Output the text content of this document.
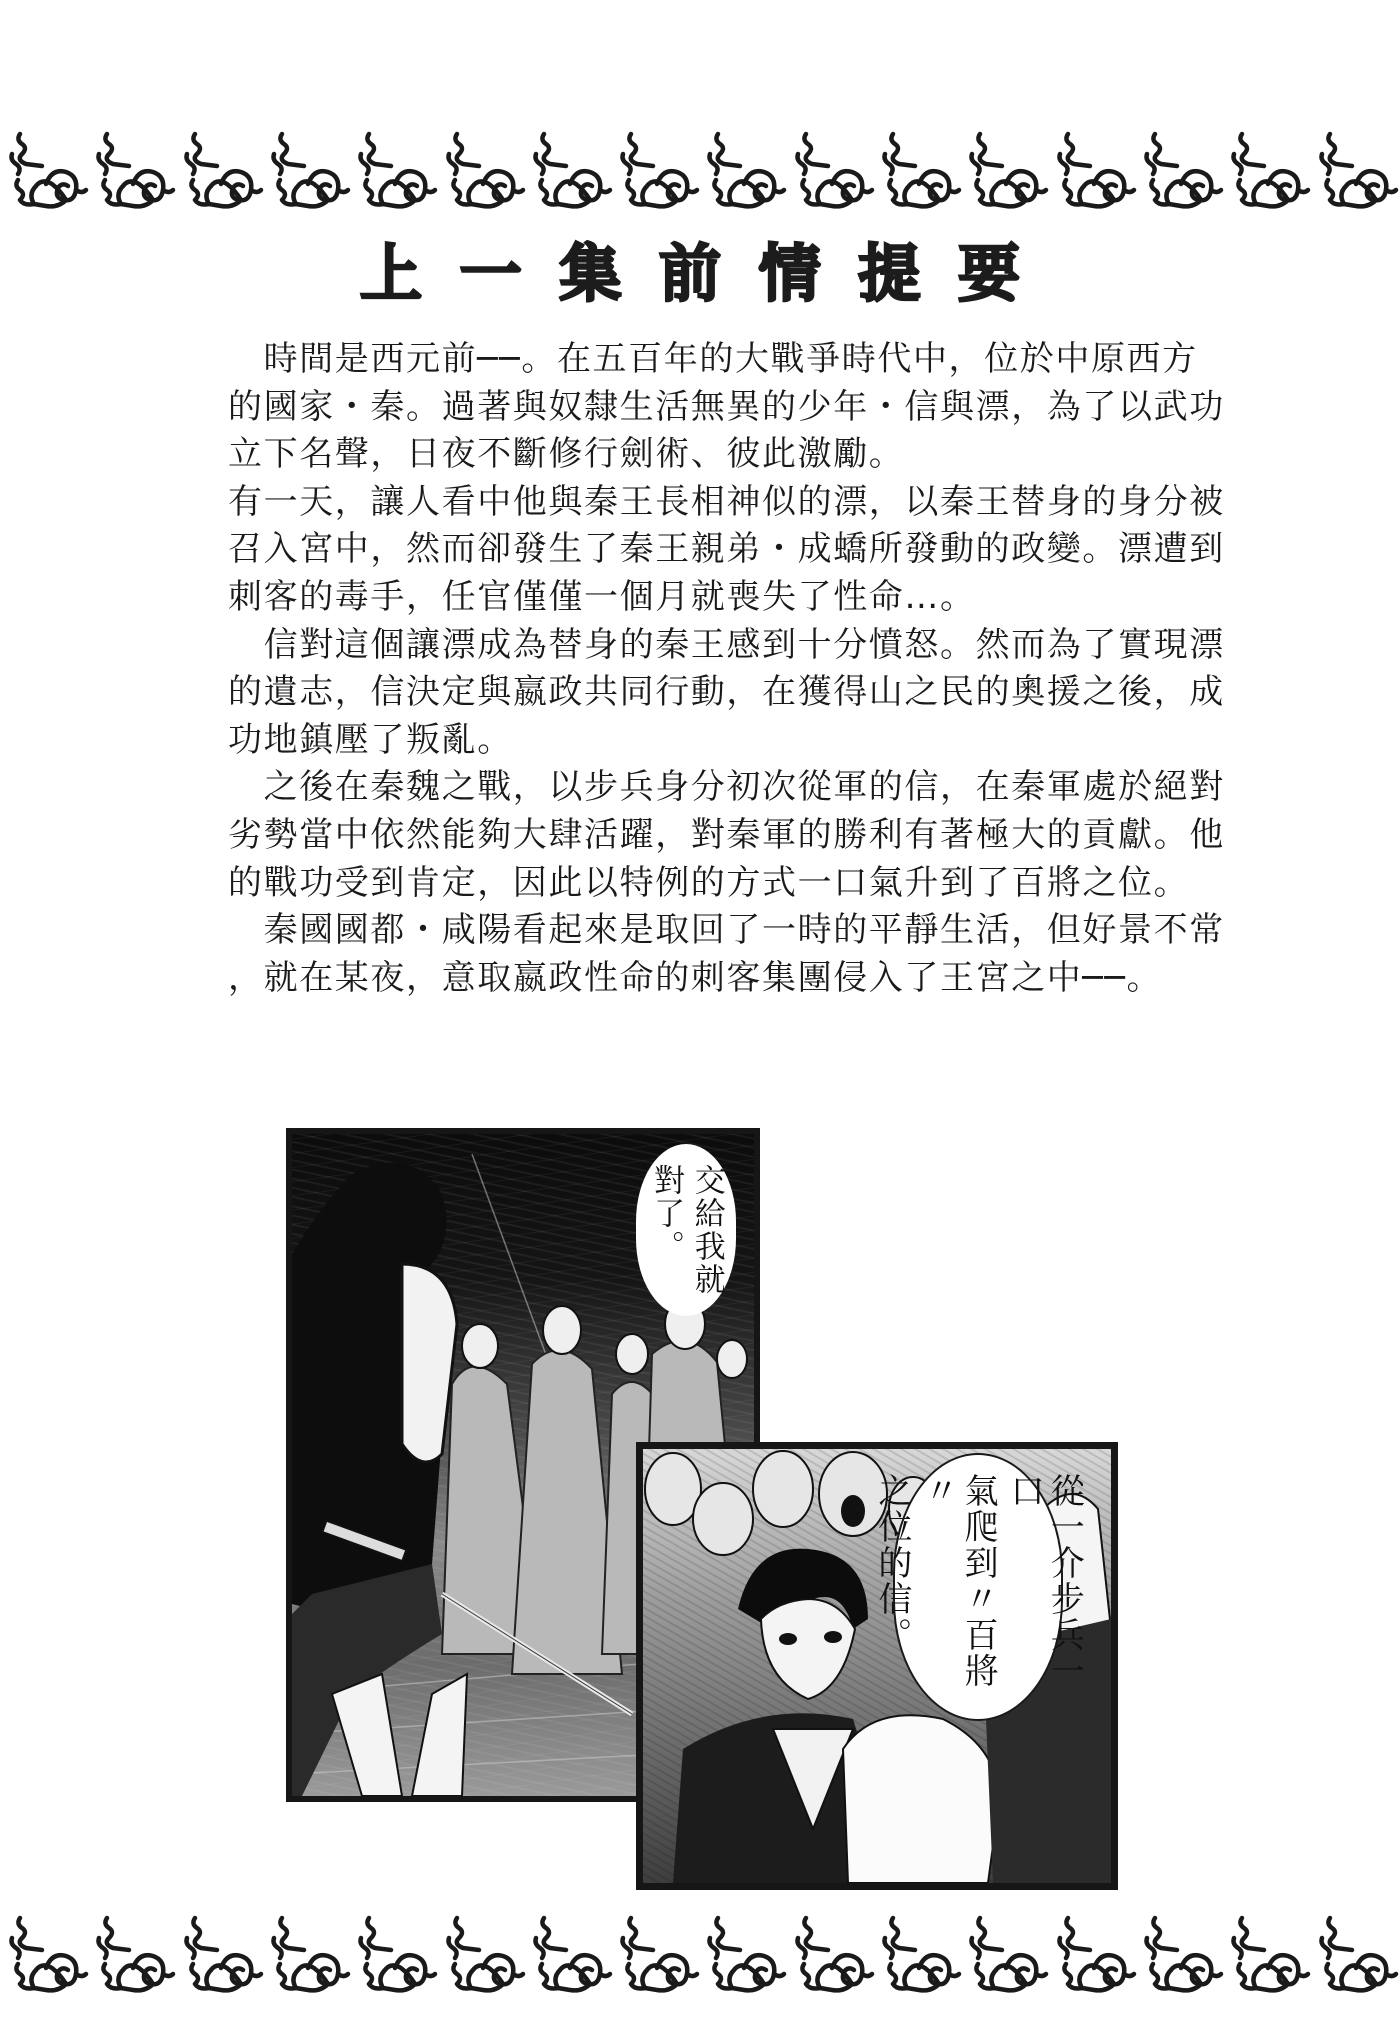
上 一 集 前 情 提 要

　時間是西元前──。在五百年的大戰爭時代中，位於中原西方

的國家・秦。過著與奴隸生活無異的少年・信與漂，為了以武功

立下名聲，日夜不斷修行劍術、彼此激勵。

有一天，讓人看中他與秦王長相神似的漂，以秦王替身的身分被

召入宮中，然而卻發生了秦王親弟・成蟜所發動的政變。漂遭到

刺客的毒手，任官僅僅一個月就喪失了性命…。

　信對這個讓漂成為替身的秦王感到十分憤怒。然而為了實現漂

的遺志，信決定與嬴政共同行動，在獲得山之民的奧援之後，成

功地鎮壓了叛亂。

　之後在秦魏之戰，以步兵身分初次從軍的信，在秦軍處於絕對

劣勢當中依然能夠大肆活躍，對秦軍的勝利有著極大的貢獻。他

的戰功受到肯定，因此以特例的方式一口氣升到了百將之位。

　秦國國都・咸陽看起來是取回了一時的平靜生活，但好景不常

，就在某夜，意取嬴政性命的刺客集團侵入了王宮之中──。

交給我就
對了。
從一介步兵一口
氣爬到〃百將〃
之位的信。
